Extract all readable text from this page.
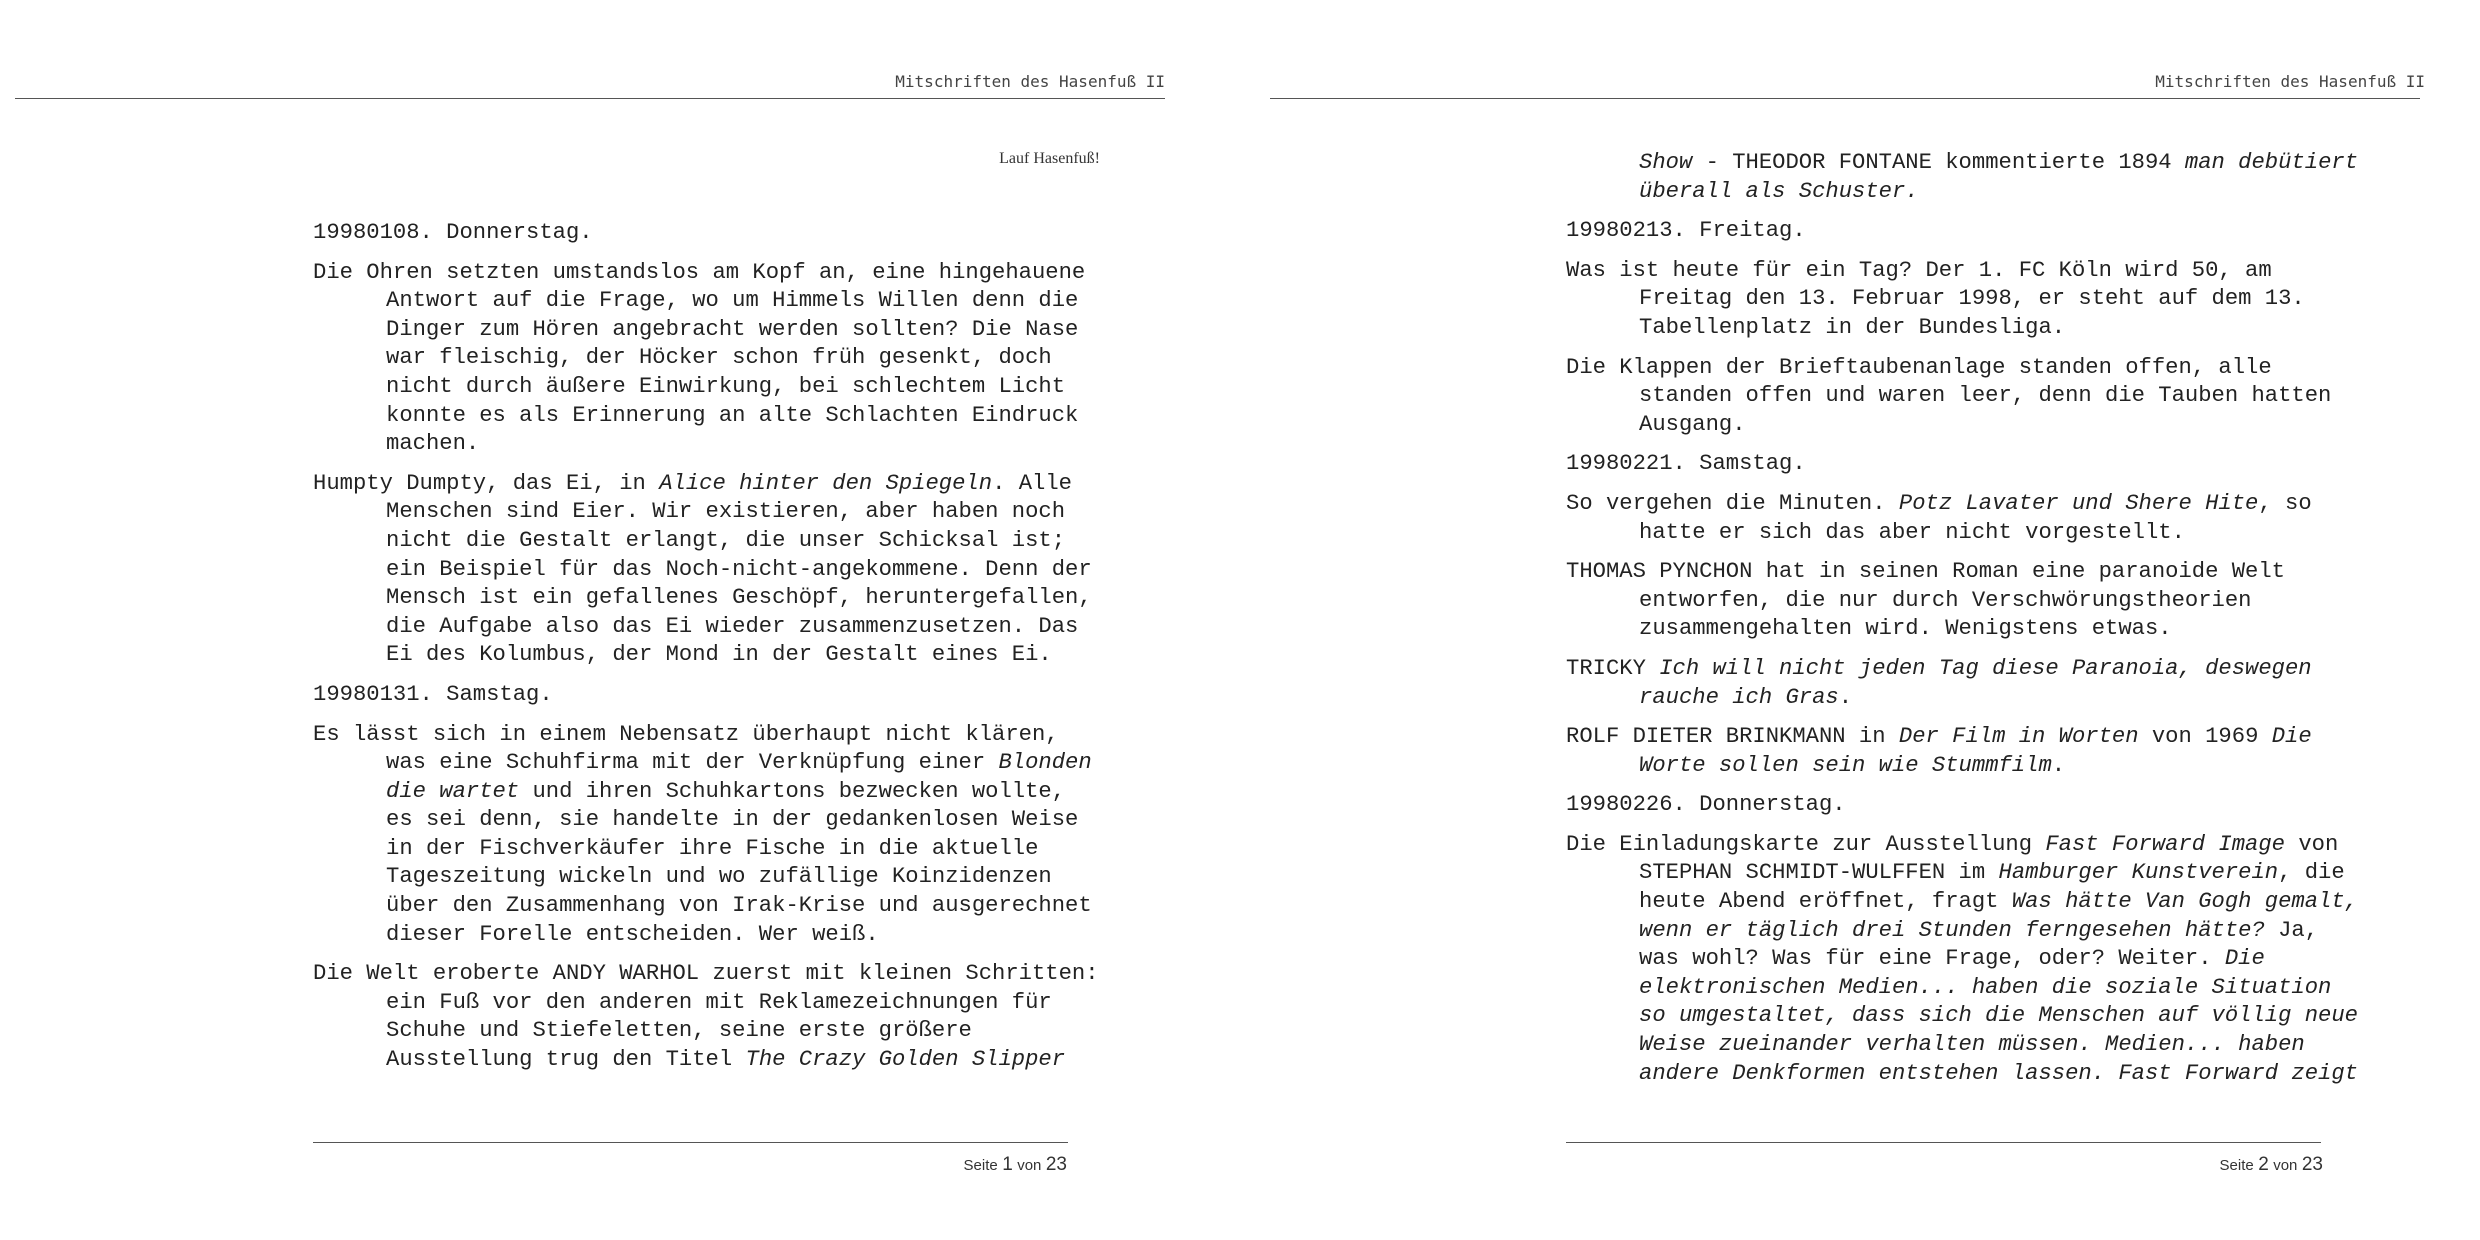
Mitschriften des Hasenfuß II
Lauf Hasenfuß!

19980108. Donnerstag.

Die Ohren setzten umstandslos am Kopf an, eine hingehauene Antwort auf die Frage, wo um Himmels Willen denn die Dinger zum Hören angebracht werden sollten? Die Nase war fleischig, der Höcker schon früh gesenkt, doch nicht durch äußere Einwirkung, bei schlechtem Licht konnte es als Erinnerung an alte Schlachten Eindruck machen.

Humpty Dumpty, das Ei, in Alice hinter den Spiegeln. Alle Menschen sind Eier. Wir existieren, aber haben noch nicht die Gestalt erlangt, die unser Schicksal ist; ein Beispiel für das Noch-nicht-angekommene. Denn der Mensch ist ein gefallenes Geschöpf, heruntergefallen, die Aufgabe also das Ei wieder zusammenzusetzen. Das Ei des Kolumbus, der Mond in der Gestalt eines Ei.

19980131. Samstag.

Es lässt sich in einem Nebensatz überhaupt nicht klären, was eine Schuhfirma mit der Verknüpfung einer Blonden die wartet und ihren Schuhkartons bezwecken wollte, es sei denn, sie handelte in der gedankenlosen Weise in der Fischverkäufer ihre Fische in die aktuelle Tageszeitung wickeln und wo zufällige Koinzidenzen über den Zusammenhang von Irak-Krise und ausgerechnet dieser Forelle entscheiden. Wer weiß.

Die Welt eroberte ANDY WARHOL zuerst mit kleinen Schritten: ein Fuß vor den anderen mit Reklamezeichnungen für Schuhe und Stiefeletten, seine erste größere Ausstellung trug den Titel The Crazy Golden Slipper

Seite 1 von 23
Mitschriften des Hasenfuß II

Show - THEODOR FONTANE kommentierte 1894 man debütiert überall als Schuster.

19980213. Freitag.

Was ist heute für ein Tag? Der 1. FC Köln wird 50, am Freitag den 13. Februar 1998, er steht auf dem 13. Tabellenplatz in der Bundesliga.

Die Klappen der Brieftaubenanlage standen offen, alle standen offen und waren leer, denn die Tauben hatten Ausgang.

19980221. Samstag.

So vergehen die Minuten. Potz Lavater und Shere Hite, so hatte er sich das aber nicht vorgestellt.

THOMAS PYNCHON hat in seinen Roman eine paranoide Welt entworfen, die nur durch Verschwörungstheorien zusammengehalten wird. Wenigstens etwas.

TRICKY Ich will nicht jeden Tag diese Paranoia, deswegen rauche ich Gras.

ROLF DIETER BRINKMANN in Der Film in Worten von 1969 Die Worte sollen sein wie Stummfilm.

19980226. Donnerstag.

Die Einladungskarte zur Ausstellung Fast Forward Image von STEPHAN SCHMIDT-WULFFEN im Hamburger Kunstverein, die heute Abend eröffnet, fragt Was hätte Van Gogh gemalt, wenn er täglich drei Stunden ferngesehen hätte? Ja, was wohl? Was für eine Frage, oder? Weiter. Die elektronischen Medien... haben die soziale Situation so umgestaltet, dass sich die Menschen auf völlig neue Weise zueinander verhalten müssen. Medien... haben andere Denkformen entstehen lassen. Fast Forward zeigt

Seite 2 von 23
